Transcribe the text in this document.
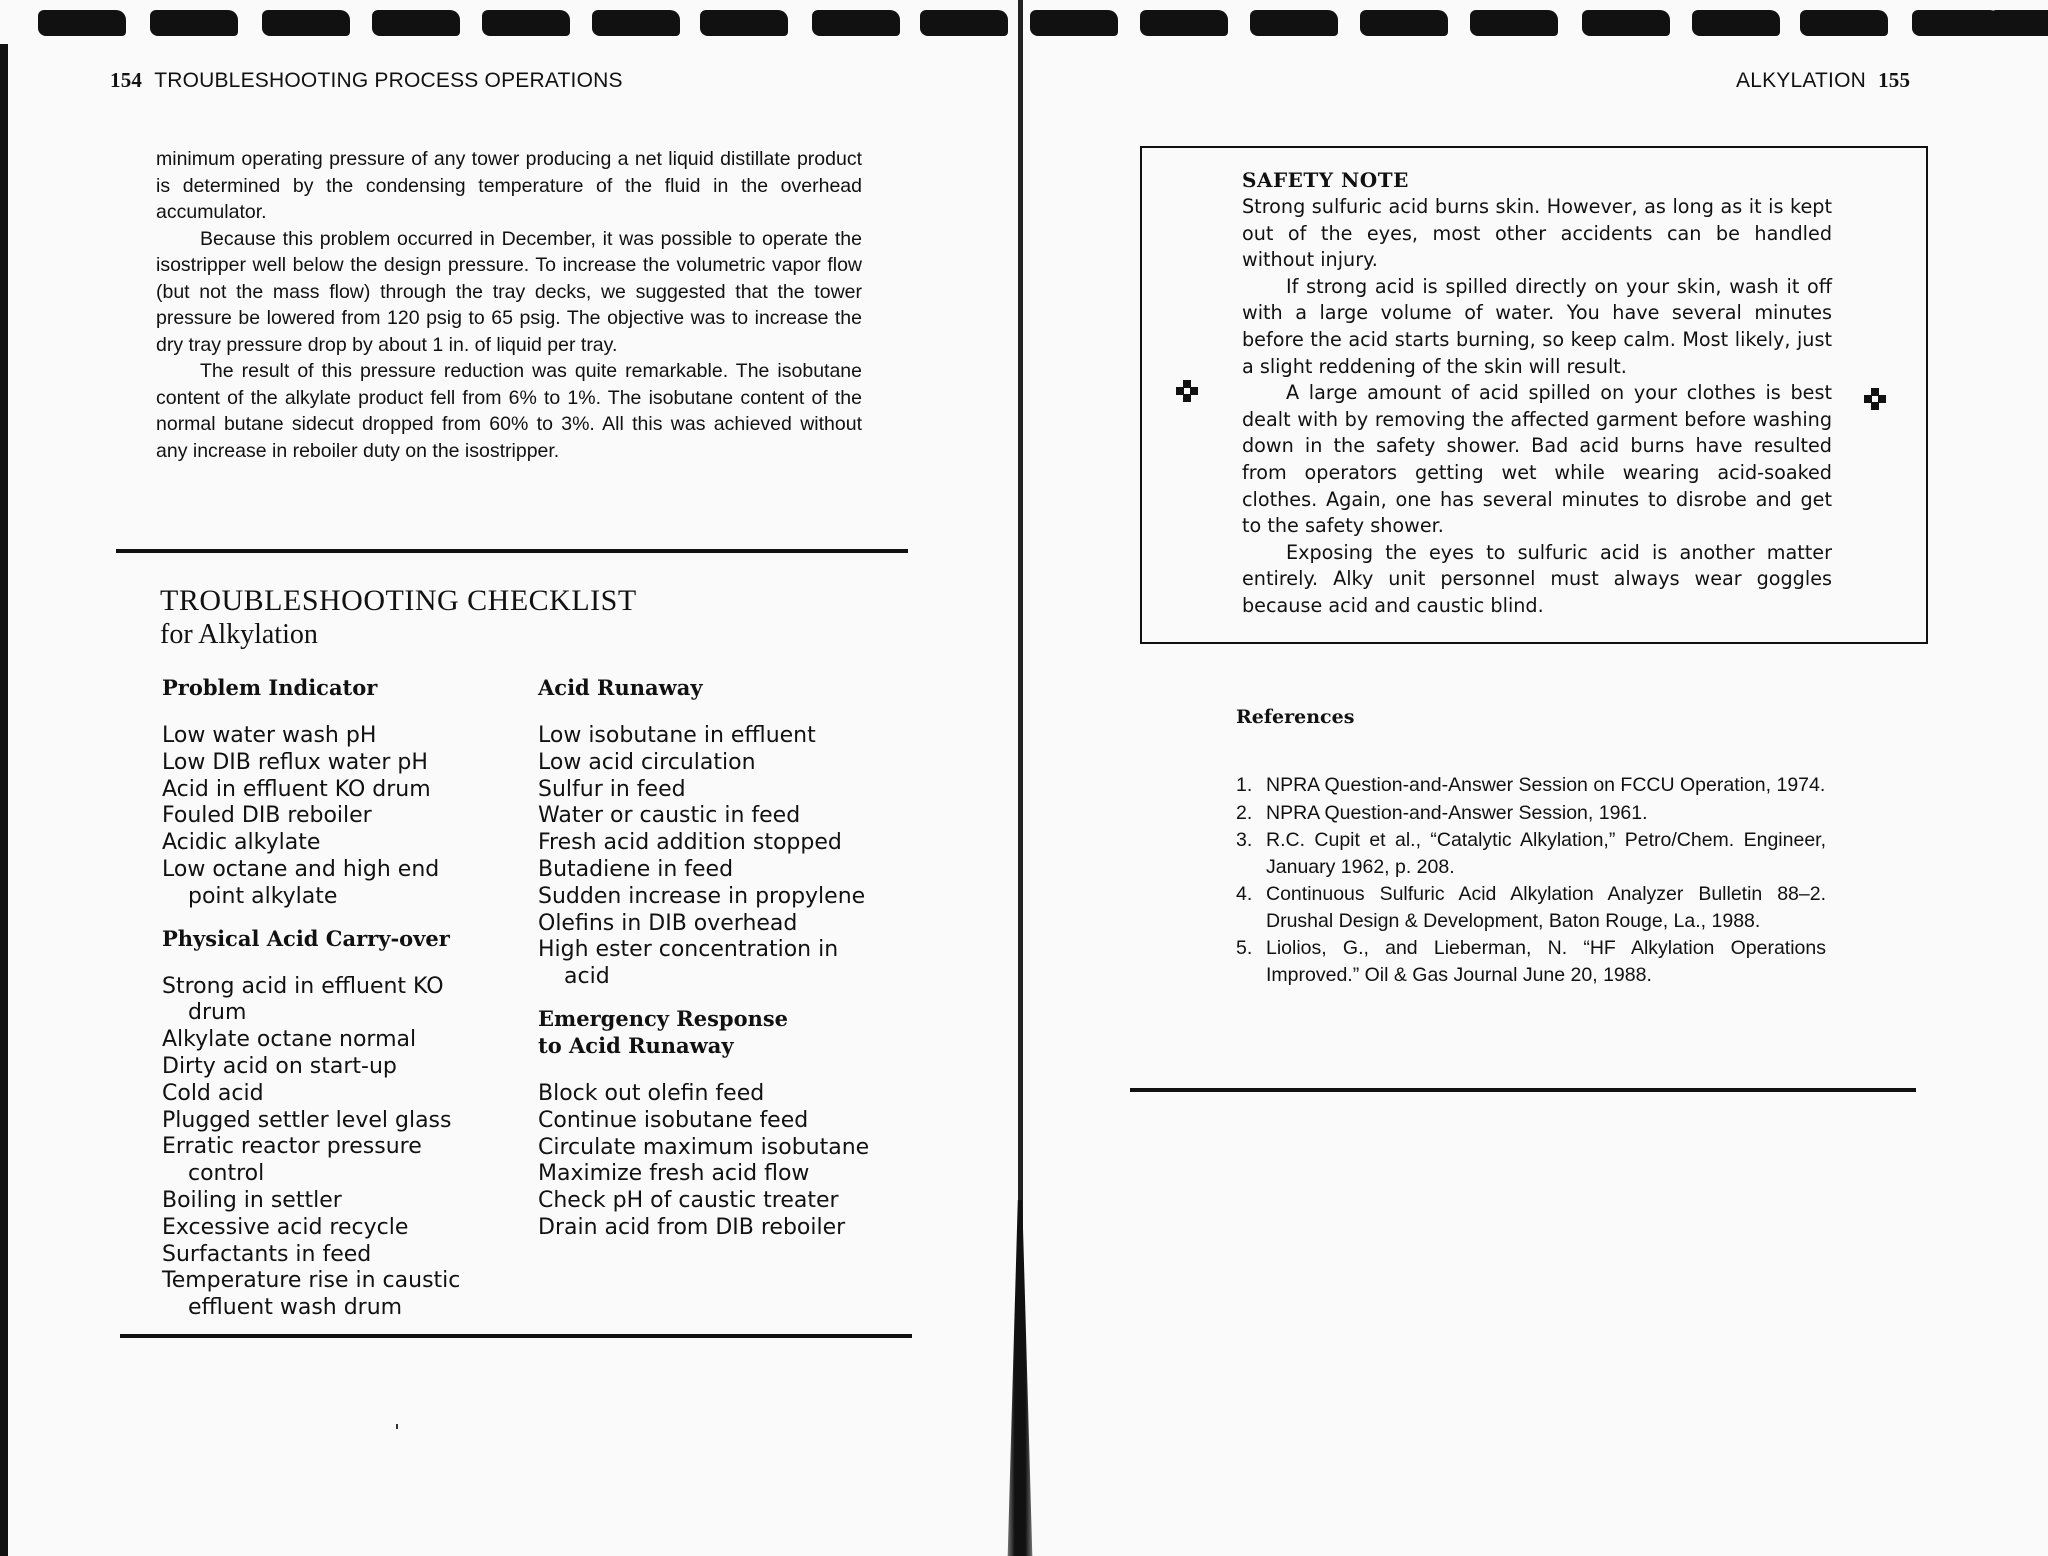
154 TROUBLESHOOTING PROCESS OPERATIONS

minimum operating pressure of any tower producing a net liquid distillate product is determined by the condensing temperature of the fluid in the overhead accumulator.

Because this problem occurred in December, it was possible to operate the isostripper well below the design pressure. To increase the volumetric vapor flow (but not the mass flow) through the tray decks, we suggested that the tower pressure be lowered from 120 psig to 65 psig. The objective was to increase the dry tray pressure drop by about 1 in. of liquid per tray.

The result of this pressure reduction was quite remarkable. The isobutane content of the alkylate product fell from 6% to 1%. The isobutane content of the normal butane sidecut dropped from 60% to 3%. All this was achieved without any increase in reboiler duty on the isostripper.

TROUBLESHOOTING CHECKLIST
for Alkylation
Problem Indicator
Low water wash pH
Low DIB reflux water pH
Acid in effluent KO drum
Fouled DIB reboiler
Acidic alkylate
Low octane and high end point alkylate
Physical Acid Carry-over
Strong acid in effluent KO drum
Alkylate octane normal
Dirty acid on start-up
Cold acid
Plugged settler level glass
Erratic reactor pressure control
Boiling in settler
Excessive acid recycle
Surfactants in feed
Temperature rise in caustic effluent wash drum
Acid Runaway
Low isobutane in effluent
Low acid circulation
Sulfur in feed
Water or caustic in feed
Fresh acid addition stopped
Butadiene in feed
Sudden increase in propylene
Olefins in DIB overhead
High ester concentration in acid
Emergency Response to Acid Runaway
Block out olefin feed
Continue isobutane feed
Circulate maximum isobutane
Maximize fresh acid flow
Check pH of caustic treater
Drain acid from DIB reboiler
ALKYLATION 155
SAFETY NOTE

Strong sulfuric acid burns skin. However, as long as it is kept out of the eyes, most other accidents can be handled without injury.

If strong acid is spilled directly on your skin, wash it off with a large volume of water. You have several minutes before the acid starts burning, so keep calm. Most likely, just a slight reddening of the skin will result.

A large amount of acid spilled on your clothes is best dealt with by removing the affected garment before washing down in the safety shower. Bad acid burns have resulted from operators getting wet while wearing acid-soaked clothes. Again, one has several minutes to disrobe and get to the safety shower.

Exposing the eyes to sulfuric acid is another matter entirely. Alky unit personnel must always wear goggles because acid and caustic blind.

References
1. NPRA Question-and-Answer Session on FCCU Operation, 1974.
2. NPRA Question-and-Answer Session, 1961.
3. R.C. Cupit et al., “Catalytic Alkylation,” Petro/Chem. Engineer, January 1962, p. 208.
4. Continuous Sulfuric Acid Alkylation Analyzer Bulletin 88–2. Drushal Design & Development, Baton Rouge, La., 1988.
5. Liolios, G., and Lieberman, N. “HF Alkylation Operations Improved.” Oil & Gas Journal June 20, 1988.
